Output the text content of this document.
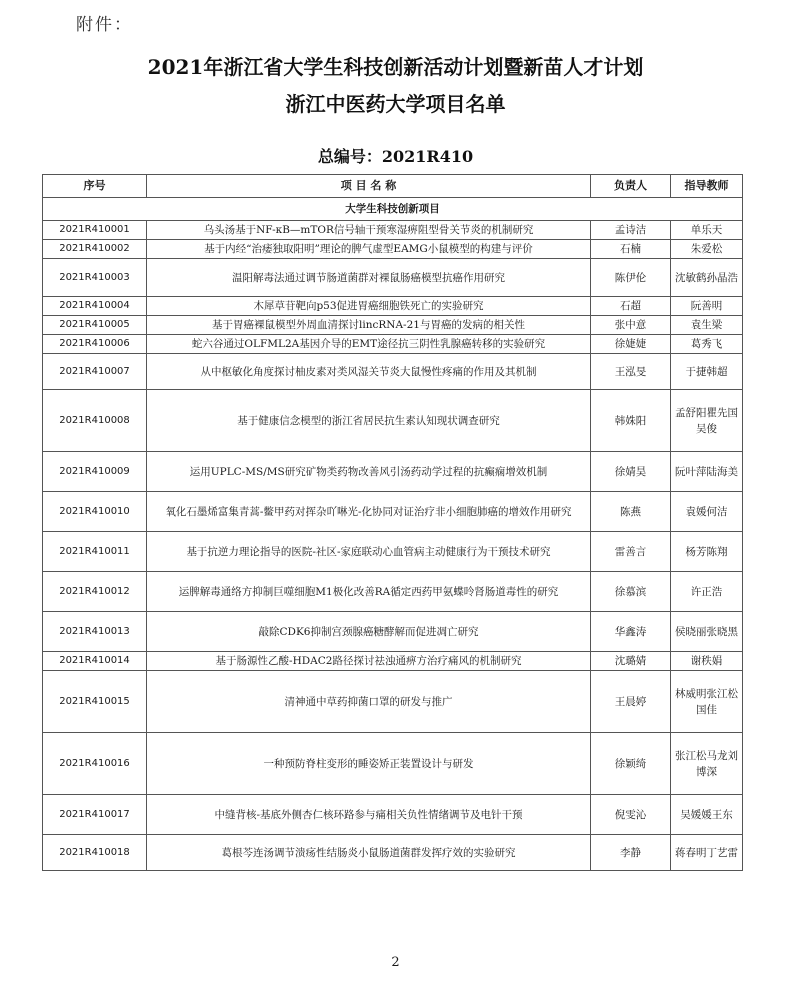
附件：
2021年浙江省大学生科技创新活动计划暨新苗人才计划
浙江中医药大学项目名单
总编号：2021R410
序号	项 目 名 称	负责人	指导教师
大学生科技创新项目			
2021R410001	乌头汤基于NF-κB—mTOR信号轴干预寒湿痹阻型骨关节炎的机制研究	孟诗洁	单乐天
2021R410002	基于内经“治痿独取阳明”理论的脾气虚型EAMG小鼠模型的构建与评价	石楠	朱爱松
2021R410003	温阳解毒法通过调节肠道菌群对裸鼠肠癌模型抗癌作用研究	陈伊伦	沈敏鹤孙晶浩
2021R410004	木犀草苷靶向p53促进胃癌细胞铁死亡的实验研究	石超	阮善明
2021R410005	基于胃癌裸鼠模型外周血清探讨lincRNA-21与胃癌的发病的相关性	张中意	袁生梁
2021R410006	蛇六谷通过OLFML2A基因介导的EMT途径抗三阴性乳腺癌转移的实验研究	徐婕婕	葛秀飞
2021R410007	从中枢敏化角度探讨柚皮素对类风湿关节炎大鼠慢性疼痛的作用及其机制	王泓旻	于捷韩超
2021R410008	基于健康信念模型的浙江省居民抗生素认知现状调查研究	韩姝阳	孟舒阳瞿先国吴俊
2021R410009	运用UPLC-MS/MS研究矿物类药物改善风引汤药动学过程的抗癫痫增效机制	徐婧昊	阮叶萍陆海美
2021R410010	氧化石墨烯富集青蒿-鳖甲药对挥杂吖啉光-化协同对证治疗非小细胞肺癌的增效作用研究	陈燕	袁媛何洁
2021R410011	基于抗逆力理论指导的医院-社区-家庭联动心血管病主动健康行为干预技术研究	雷善言	杨芳陈翔
2021R410012	运脾解毒通络方抑制巨噬细胞M1极化改善RA循定西药甲氨蝶呤肾肠道毒性的研究	徐慕滨	许正浩
2021R410013	敲除CDK6抑制宫颈腺癌糖酵解而促进凋亡研究	华鑫涛	侯晓丽张晓黑
2021R410014	基于肠源性乙酸-HDAC2路径探讨祛浊通痹方治疗痛风的机制研究	沈璐婧	谢秩娟
2021R410015	清神通中草药抑菌口罩的研发与推广	王晨婷	林威明张江松国佳
2021R410016	一种预防脊柱变形的睡姿矫正装置设计与研发	徐颖绮	张江松马龙刘博深
2021R410017	中缝背核-基底外侧杏仁核环路参与痛相关负性情绪调节及电针干预	倪雯沁	吴媛媛王东
2021R410018	葛根芩连汤调节溃疡性结肠炎小鼠肠道菌群发挥疗效的实验研究	李静	蒋春明丁艺雷
2
